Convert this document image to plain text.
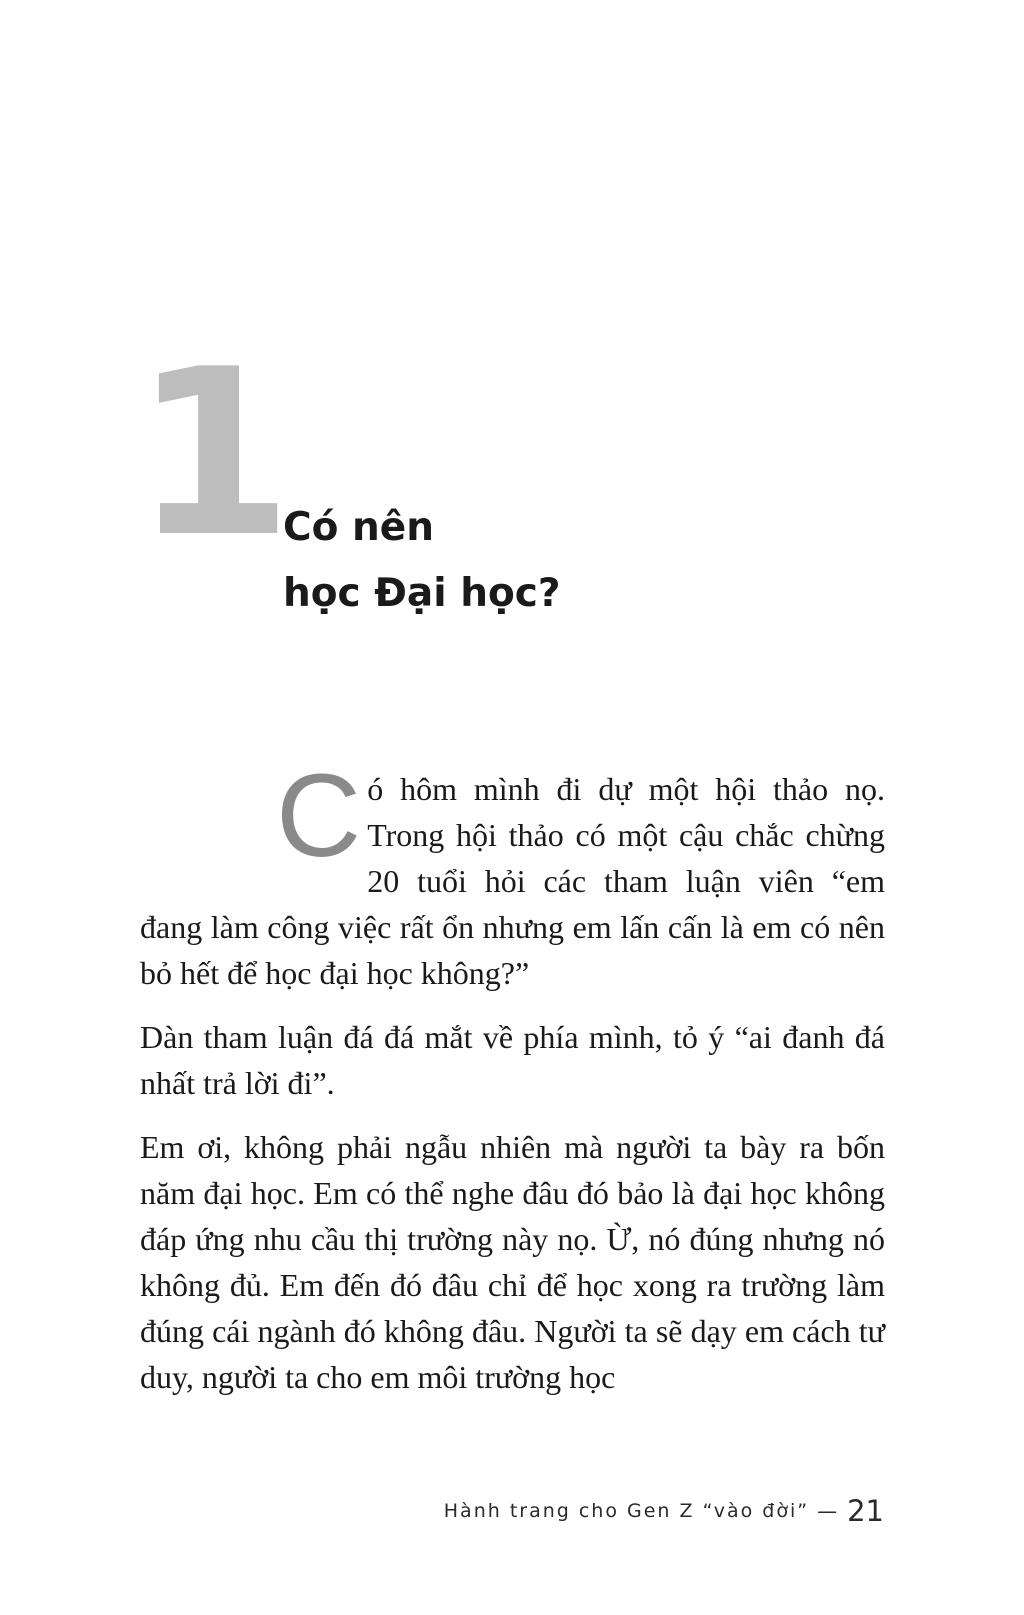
1
Có nên
học Đại học?

Có hôm mình đi dự một hội thảo nọ. Trong hội thảo có một cậu chắc chừng 20 tuổi hỏi các tham luận viên “em đang làm công việc rất ổn nhưng em lấn cấn là em có nên bỏ hết để học đại học không?”

Dàn tham luận đá đá mắt về phía mình, tỏ ý “ai đanh đá nhất trả lời đi”.

Em ơi, không phải ngẫu nhiên mà người ta bày ra bốn năm đại học. Em có thể nghe đâu đó bảo là đại học không đáp ứng nhu cầu thị trường này nọ. Ừ, nó đúng nhưng nó không đủ. Em đến đó đâu chỉ để học xong ra trường làm đúng cái ngành đó không đâu. Người ta sẽ dạy em cách tư duy, người ta cho em môi trường học

Hành trang cho Gen Z “vào đời” — 21
